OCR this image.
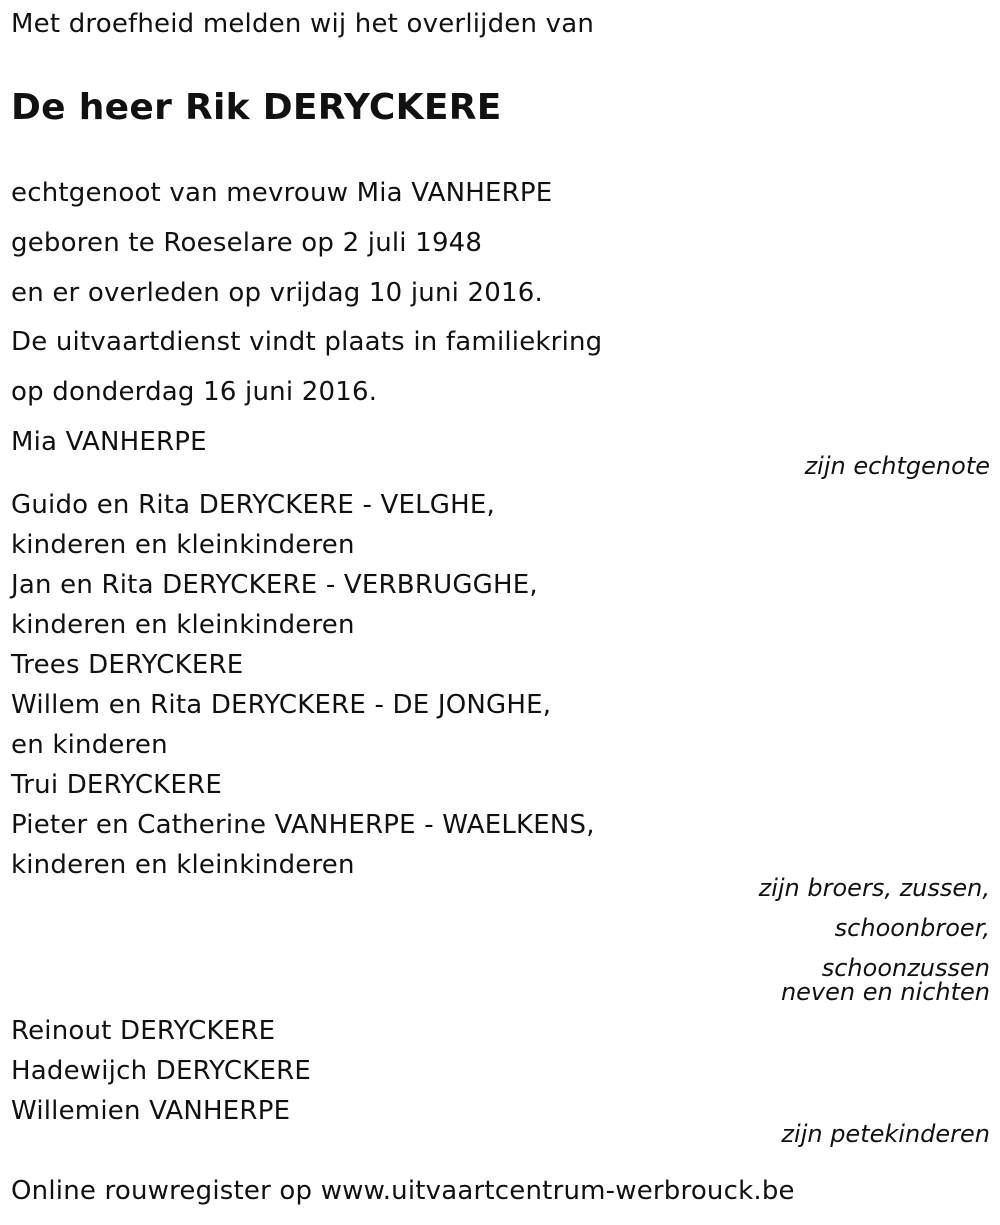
Met droefheid melden wij het overlijden van
De heer Rik DERYCKERE
echtgenoot van mevrouw Mia VANHERPE
geboren te Roeselare op 2 juli 1948
en er overleden op vrijdag 10 juni 2016.
De uitvaartdienst vindt plaats in familiekring
op donderdag 16 juni 2016.
Mia VANHERPE
zijn echtgenote
Guido en Rita DERYCKERE - VELGHE,
kinderen en kleinkinderen
Jan en Rita DERYCKERE - VERBRUGGHE,
kinderen en kleinkinderen
Trees DERYCKERE
Willem en Rita DERYCKERE - DE JONGHE,
en kinderen
Trui DERYCKERE
Pieter en Catherine VANHERPE - WAELKENS,
kinderen en kleinkinderen
zijn broers, zussen,
schoonbroer,
schoonzussen
neven en nichten
Reinout DERYCKERE
Hadewijch DERYCKERE
Willemien VANHERPE
zijn petekinderen
Online rouwregister op www.uitvaartcentrum-werbrouck.be
